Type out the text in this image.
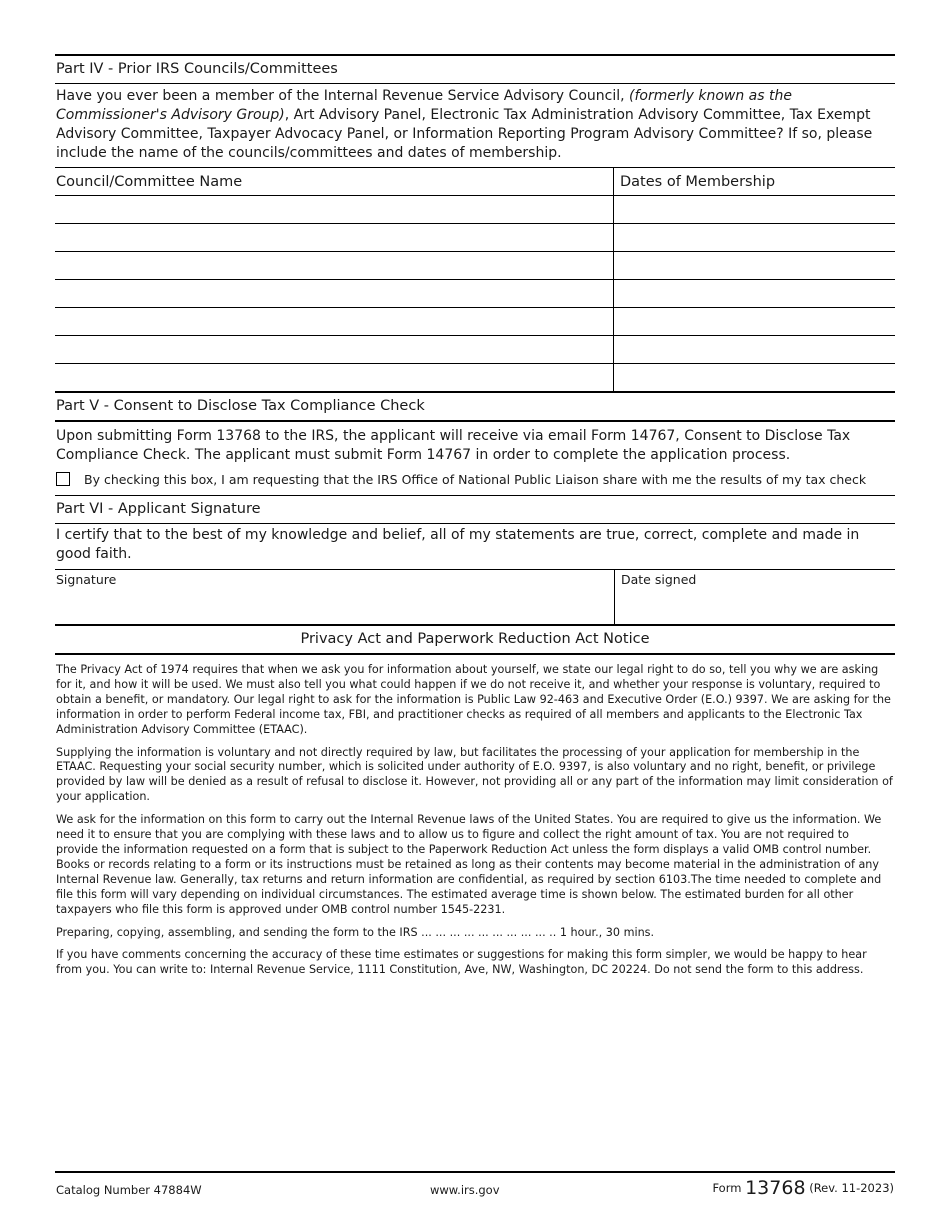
Part IV - Prior IRS Councils/Committees
Have you ever been a member of the Internal Revenue Service Advisory Council, (formerly known as the Commissioner's Advisory Group), Art Advisory Panel, Electronic Tax Administration Advisory Committee, Tax Exempt Advisory Committee, Taxpayer Advocacy Panel, or Information Reporting Program Advisory Committee? If so, please include the name of the councils/committees and dates of membership.
Council/Committee Name	Dates of Membership

Part V - Consent to Disclose Tax Compliance Check
Upon submitting Form 13768 to the IRS, the applicant will receive via email Form 14767, Consent to Disclose Tax Compliance Check. The applicant must submit Form 14767 in order to complete the application process.
By checking this box, I am requesting that the IRS Office of National Public Liaison share with me the results of my tax check
Part VI - Applicant Signature
I certify that to the best of my knowledge and belief, all of my statements are true, correct, complete and made in good faith.
Signature	Date signed
Privacy Act and Paperwork Reduction Act Notice

The Privacy Act of 1974 requires that when we ask you for information about yourself, we state our legal right to do so, tell you why we are asking for it, and how it will be used. We must also tell you what could happen if we do not receive it, and whether your response is voluntary, required to obtain a benefit, or mandatory. Our legal right to ask for the information is Public Law 92-463 and Executive Order (E.O.) 9397. We are asking for the information in order to perform Federal income tax, FBI, and practitioner checks as required of all members and applicants to the Electronic Tax Administration Advisory Committee (ETAAC).

Supplying the information is voluntary and not directly required by law, but facilitates the processing of your application for membership in the ETAAC. Requesting your social security number, which is solicited under authority of E.O. 9397, is also voluntary and no right, benefit, or privilege provided by law will be denied as a result of refusal to disclose it. However, not providing all or any part of the information may limit consideration of your application.

We ask for the information on this form to carry out the Internal Revenue laws of the United States. You are required to give us the information. We need it to ensure that you are complying with these laws and to allow us to figure and collect the right amount of tax. You are not required to provide the information requested on a form that is subject to the Paperwork Reduction Act unless the form displays a valid OMB control number. Books or records relating to a form or its instructions must be retained as long as their contents may become material in the administration of any Internal Revenue law. Generally, tax returns and return information are confidential, as required by section 6103.The time needed to complete and file this form will vary depending on individual circumstances. The estimated average time is shown below. The estimated burden for all other taxpayers who file this form is approved under OMB control number 1545-2231.

Preparing, copying, assembling, and sending the form to the IRS ... ... ... ... ... ... ... ... ... .. 1 hour., 30 mins.

If you have comments concerning the accuracy of these time estimates or suggestions for making this form simpler, we would be happy to hear from you. You can write to: Internal Revenue Service, 1111 Constitution, Ave, NW, Washington, DC 20224. Do not send the form to this address.

Catalog Number 47884W	www.irs.gov	Form 13768 (Rev. 11-2023)
